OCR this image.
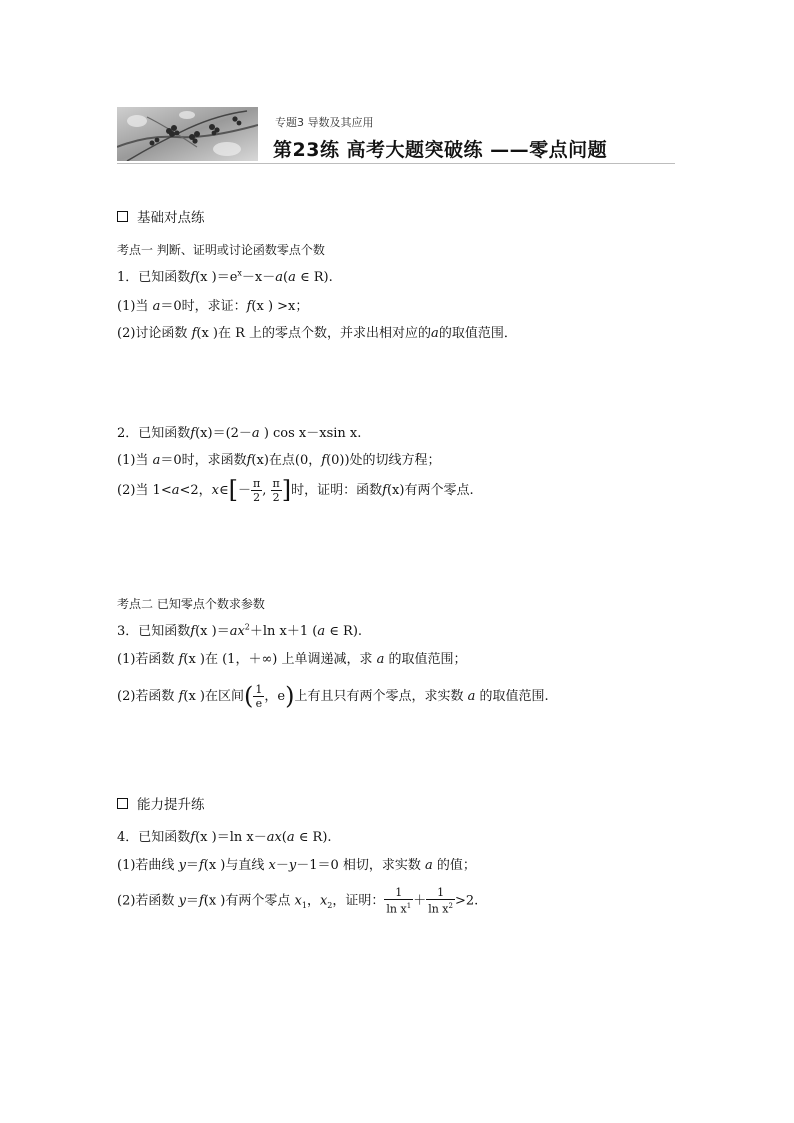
专题3 导数及其应用
第23练 高考大题突破练 ——零点问题
基础对点练
考点一 判断、证明或讨论函数零点个数
1．已知函数f(x )$=e^x-x-a(a$ ∈ R).
(1)当 a＝0时，求证：f(x ) >x；
(2)讨论函数 f(x )在 R 上的零点个数，并求出相对应的a的取值范围．
2．已知函数f(x)＝(2－a ) cos x－xsin x.
(1)当 a＝0时，求函数f(x)在点(0，f(0))处的切线方程；
(2)当 1<a<2，x∈[－ $\frac{\pi}{2}$ , $\frac{\pi}{2}$ ]时，证明：函数f(x)有两个零点.
考点二 已知零点个数求参数
3．已知函数f(x )$=ax^2+\ln$ x＋1 (a ∈ R).
(1)若函数 f(x )在 (1，＋∞) 上单调递减，求 a 的取值范围；
(2)若函数 f(x )在区间( $\frac{1}{e}$ ，e)上有且只有两个零点，求实数 a 的取值范围.
能力提升练
4．已知函数f(x )＝ln x－ax(a ∈ R).
(1)若曲线 y＝f(x )与直线 x－y－1＝0 相切，求实数 a 的值；
(2)若函数 y＝f(x )有两个零点 $x_1$，$x_2$，证明： $\frac{1}{\ln x^1} + \frac{1}{\ln x^2} >2$.
